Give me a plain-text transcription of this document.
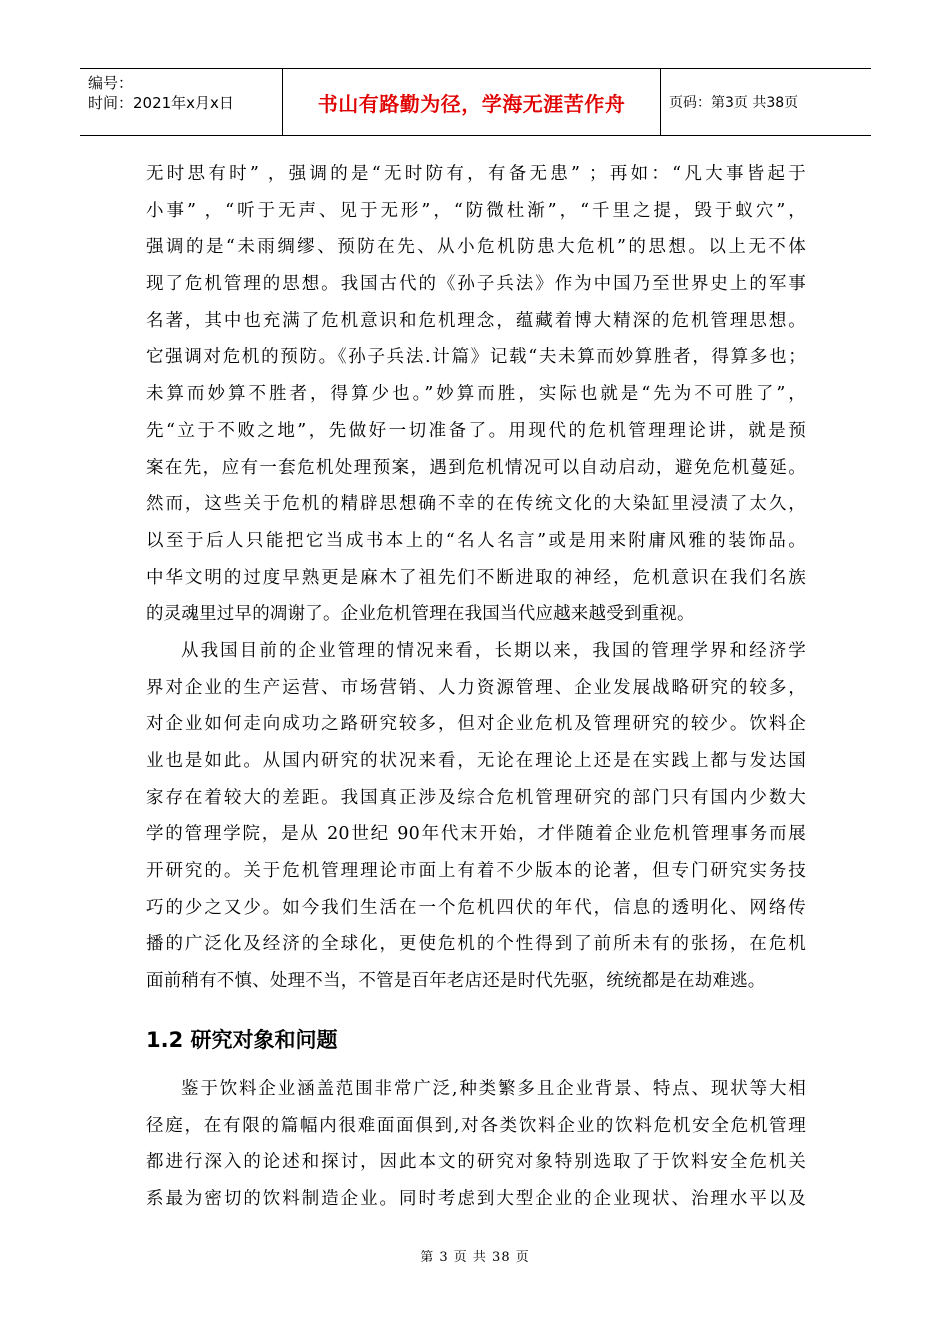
编号：
时间：2021年x月x日	书山有路勤为径，学海无涯苦作舟	页码：第3页 共38页
无时思有时” ，强调的是“无时防有，有备无患” ；再如：“凡大事皆起于
小事” ，“听于无声、见于无形”，“防微杜渐”，“千里之提，毁于蚁穴”，
强调的是“未雨绸缪、预防在先、从小危机防患大危机”的思想。以上无不体
现了危机管理的思想。我国古代的《孙子兵法》作为中国乃至世界史上的军事
名著，其中也充满了危机意识和危机理念，蕴藏着博大精深的危机管理思想。
它强调对危机的预防。《孙子兵法.计篇》记载“夫未算而妙算胜者，得算多也；
未算而妙算不胜者，得算少也。”妙算而胜，实际也就是“先为不可胜了”，
先“立于不败之地”，先做好一切准备了。用现代的危机管理理论讲，就是预
案在先，应有一套危机处理预案，遇到危机情况可以自动启动，避免危机蔓延。
然而，这些关于危机的精辟思想确不幸的在传统文化的大染缸里浸渍了太久，
以至于后人只能把它当成书本上的“名人名言”或是用来附庸风雅的装饰品。
中华文明的过度早熟更是麻木了祖先们不断进取的神经，危机意识在我们名族
的灵魂里过早的凋谢了。企业危机管理在我国当代应越来越受到重视。
从我国目前的企业管理的情况来看，长期以来，我国的管理学界和经济学
界对企业的生产运营、市场营销、人力资源管理、企业发展战略研究的较多，
对企业如何走向成功之路研究较多，但对企业危机及管理研究的较少。饮料企
业也是如此。从国内研究的状况来看，无论在理论上还是在实践上都与发达国
家存在着较大的差距。我国真正涉及综合危机管理研究的部门只有国内少数大
学的管理学院，是从 20世纪 90年代末开始，才伴随着企业危机管理事务而展
开研究的。关于危机管理理论市面上有着不少版本的论著，但专门研究实务技
巧的少之又少。如今我们生活在一个危机四伏的年代，信息的透明化、网络传
播的广泛化及经济的全球化，更使危机的个性得到了前所未有的张扬，在危机
面前稍有不慎、处理不当，不管是百年老店还是时代先驱，统统都是在劫难逃。
1.2 研究对象和问题
鉴于饮料企业涵盖范围非常广泛,种类繁多且企业背景、特点、现状等大相
径庭，在有限的篇幅内很难面面俱到,对各类饮料企业的饮料危机安全危机管理
都进行深入的论述和探讨，因此本文的研究对象特别选取了于饮料安全危机关
系最为密切的饮料制造企业。同时考虑到大型企业的企业现状、治理水平以及
第 3 页 共 38 页
